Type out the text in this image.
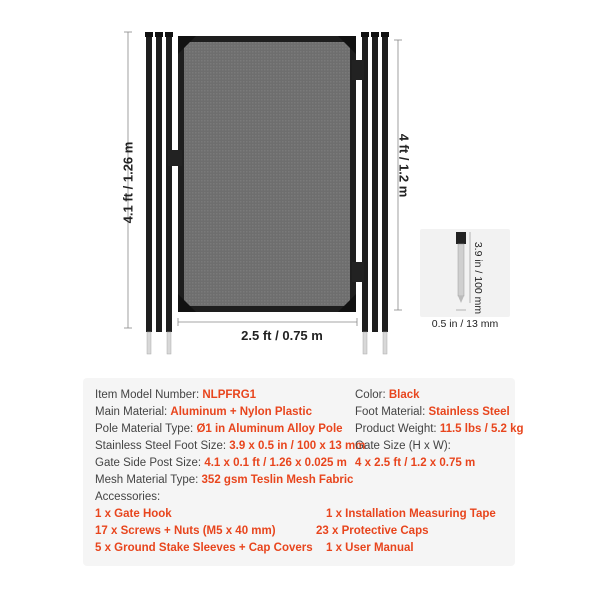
4.1 ft / 1.26 m	4 ft / 1.2 m
2.5 ft / 0.75 m
3.9 in / 100 mm
0.5 in / 13 mm
Item Model Number: NLPFRG1
Main Material: Aluminum + Nylon Plastic
Pole Material Type: Ø1 in Aluminum Alloy Pole
Stainless Steel Foot Size: 3.9 x 0.5 in / 100 x 13 mm
Gate Side Post Size: 4.1 x 0.1 ft / 1.26 x 0.025 m
Mesh Material Type: 352 gsm Teslin Mesh Fabric
Accessories:
Color: Black
Foot Material: Stainless Steel
Product Weight: 11.5 lbs / 5.2 kg
Gate Size (H x W):
4 x 2.5 ft / 1.2 x 0.75 m
1 x Gate Hook
17 x Screws + Nuts (M5 x 40 mm)
5 x Ground Stake Sleeves + Cap Covers
1 x Installation Measuring Tape
23 x Protective Caps
1 x User Manual
